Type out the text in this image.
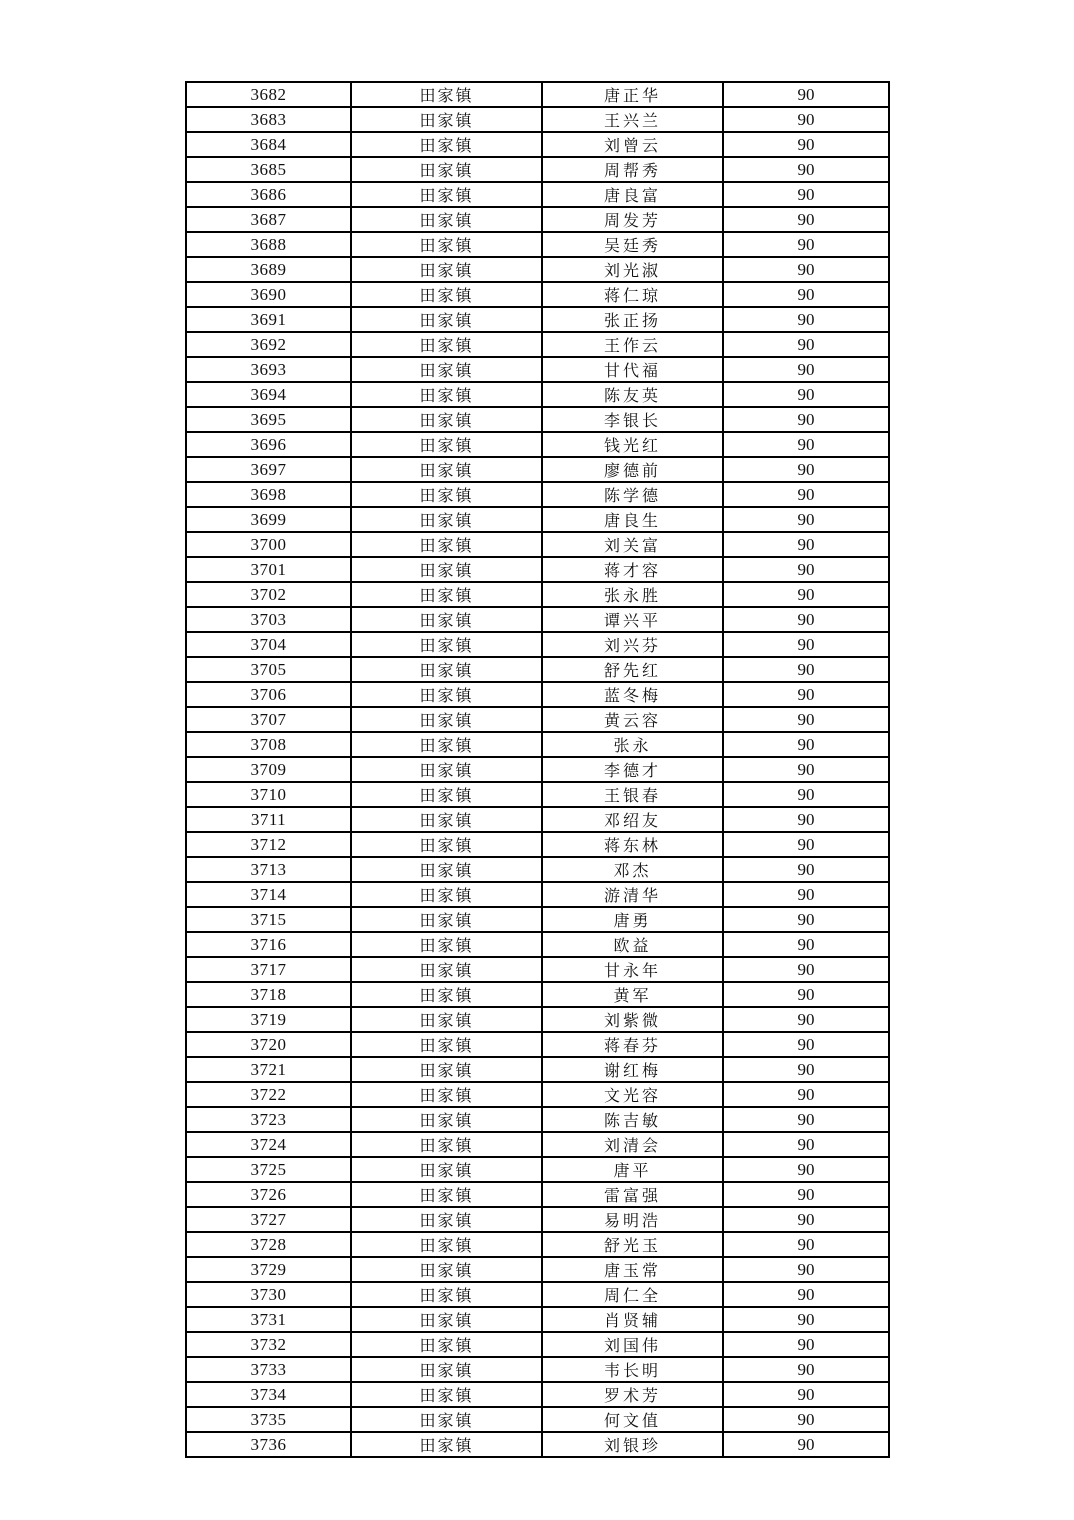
3682	田家镇	唐正华	90
3683	田家镇	王兴兰	90
3684	田家镇	刘曾云	90
3685	田家镇	周帮秀	90
3686	田家镇	唐良富	90
3687	田家镇	周发芳	90
3688	田家镇	吴廷秀	90
3689	田家镇	刘光淑	90
3690	田家镇	蒋仁琼	90
3691	田家镇	张正扬	90
3692	田家镇	王作云	90
3693	田家镇	甘代福	90
3694	田家镇	陈友英	90
3695	田家镇	李银长	90
3696	田家镇	钱光红	90
3697	田家镇	廖德前	90
3698	田家镇	陈学德	90
3699	田家镇	唐良生	90
3700	田家镇	刘关富	90
3701	田家镇	蒋才容	90
3702	田家镇	张永胜	90
3703	田家镇	谭兴平	90
3704	田家镇	刘兴芬	90
3705	田家镇	舒先红	90
3706	田家镇	蓝冬梅	90
3707	田家镇	黄云容	90
3708	田家镇	张永	90
3709	田家镇	李德才	90
3710	田家镇	王银春	90
3711	田家镇	邓绍友	90
3712	田家镇	蒋东林	90
3713	田家镇	邓杰	90
3714	田家镇	游清华	90
3715	田家镇	唐勇	90
3716	田家镇	欧益	90
3717	田家镇	甘永年	90
3718	田家镇	黄军	90
3719	田家镇	刘紫微	90
3720	田家镇	蒋春芬	90
3721	田家镇	谢红梅	90
3722	田家镇	文光容	90
3723	田家镇	陈吉敏	90
3724	田家镇	刘清会	90
3725	田家镇	唐平	90
3726	田家镇	雷富强	90
3727	田家镇	易明浩	90
3728	田家镇	舒光玉	90
3729	田家镇	唐玉常	90
3730	田家镇	周仁全	90
3731	田家镇	肖贤辅	90
3732	田家镇	刘国伟	90
3733	田家镇	韦长明	90
3734	田家镇	罗术芳	90
3735	田家镇	何文值	90
3736	田家镇	刘银珍	90
